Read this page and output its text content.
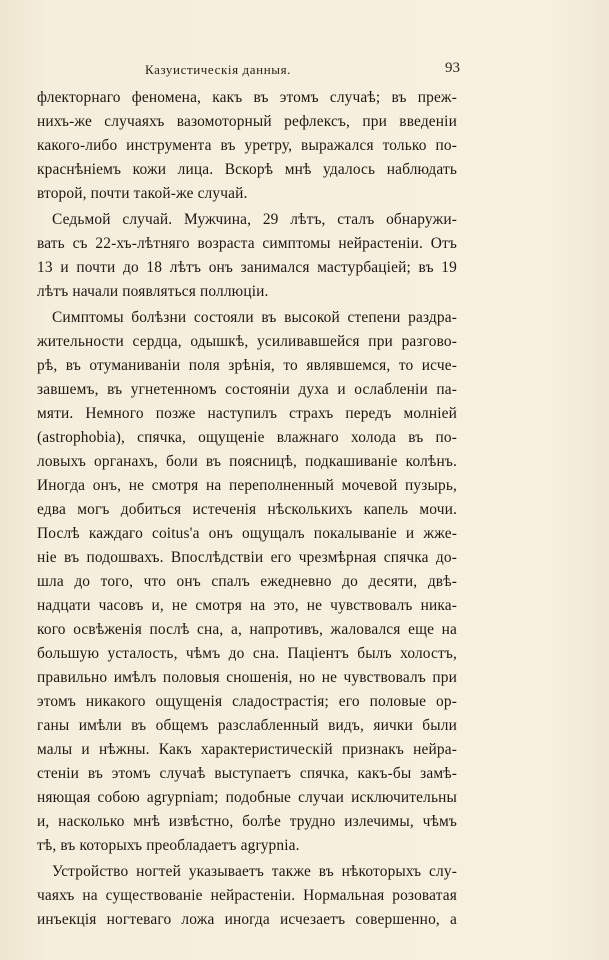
Казуистическія данныя.	93
флекторнаго феномена, какъ въ этомъ случаѣ; въ преж-
нихъ-же случаяхъ вазомоторный рефлексъ, при введеніи
какого-либо инструмента въ уретру, выражался только по-
краснѣніемъ кожи лица. Вскорѣ мнѣ удалось наблюдать
второй, почти такой-же случай.
Седьмой случай. Мужчина, 29 лѣтъ, сталъ обнаружи-
вать съ 22-хъ-лѣтняго возраста симптомы нейрастеніи. Отъ
13 и почти до 18 лѣтъ онъ занимался мастурбаціей; въ 19
лѣтъ начали появляться поллюціи.
Симптомы болѣзни состояли въ высокой степени раздра-
жительности сердца, одышкѣ, усиливавшейся при разгово-
рѣ, въ отуманиваніи поля зрѣнія, то являвшемся, то исче-
завшемъ, въ угнетенномъ состояніи духа и ослабленіи па-
мяти. Немного позже наступилъ страхъ передъ молніей
(astrophobia), спячка, ощущеніе влажнаго холода въ по-
ловыхъ органахъ, боли въ поясницѣ, подкашиваніе колѣнъ.
Иногда онъ, не смотря на переполненный мочевой пузырь,
едва могъ добиться истеченія нѣсколькихъ капель мочи.
Послѣ каждаго coitus'а онъ ощущалъ покалываніе и жже-
ніе въ подошвахъ. Впослѣдствіи его чрезмѣрная спячка до-
шла до того, что онъ спалъ ежедневно до десяти, двѣ-
надцати часовъ и, не смотря на это, не чувствовалъ ника-
кого освѣженія послѣ сна, а, напротивъ, жаловался еще на
большую усталость, чѣмъ до сна. Паціентъ былъ холостъ,
правильно имѣлъ половыя сношенія, но не чувствовалъ при
этомъ никакого ощущенія сладострастія; его половые ор-
ганы имѣли въ общемъ разслабленный видъ, яички были
малы и нѣжны. Какъ характеристическій признакъ нейра-
стеніи въ этомъ случаѣ выступаетъ спячка, какъ-бы замѣ-
няющая собою agrypniam; подобные случаи исключительны
и, насколько мнѣ извѣстно, болѣе трудно излечимы, чѣмъ
тѣ, въ которыхъ преобладаетъ agrypnia.
Устройство ногтей указываетъ также въ нѣкоторыхъ слу-
чаяхъ на существованіе нейрастеніи. Нормальная розоватая
инъекція ногтеваго ложа иногда исчезаетъ совершенно, а
